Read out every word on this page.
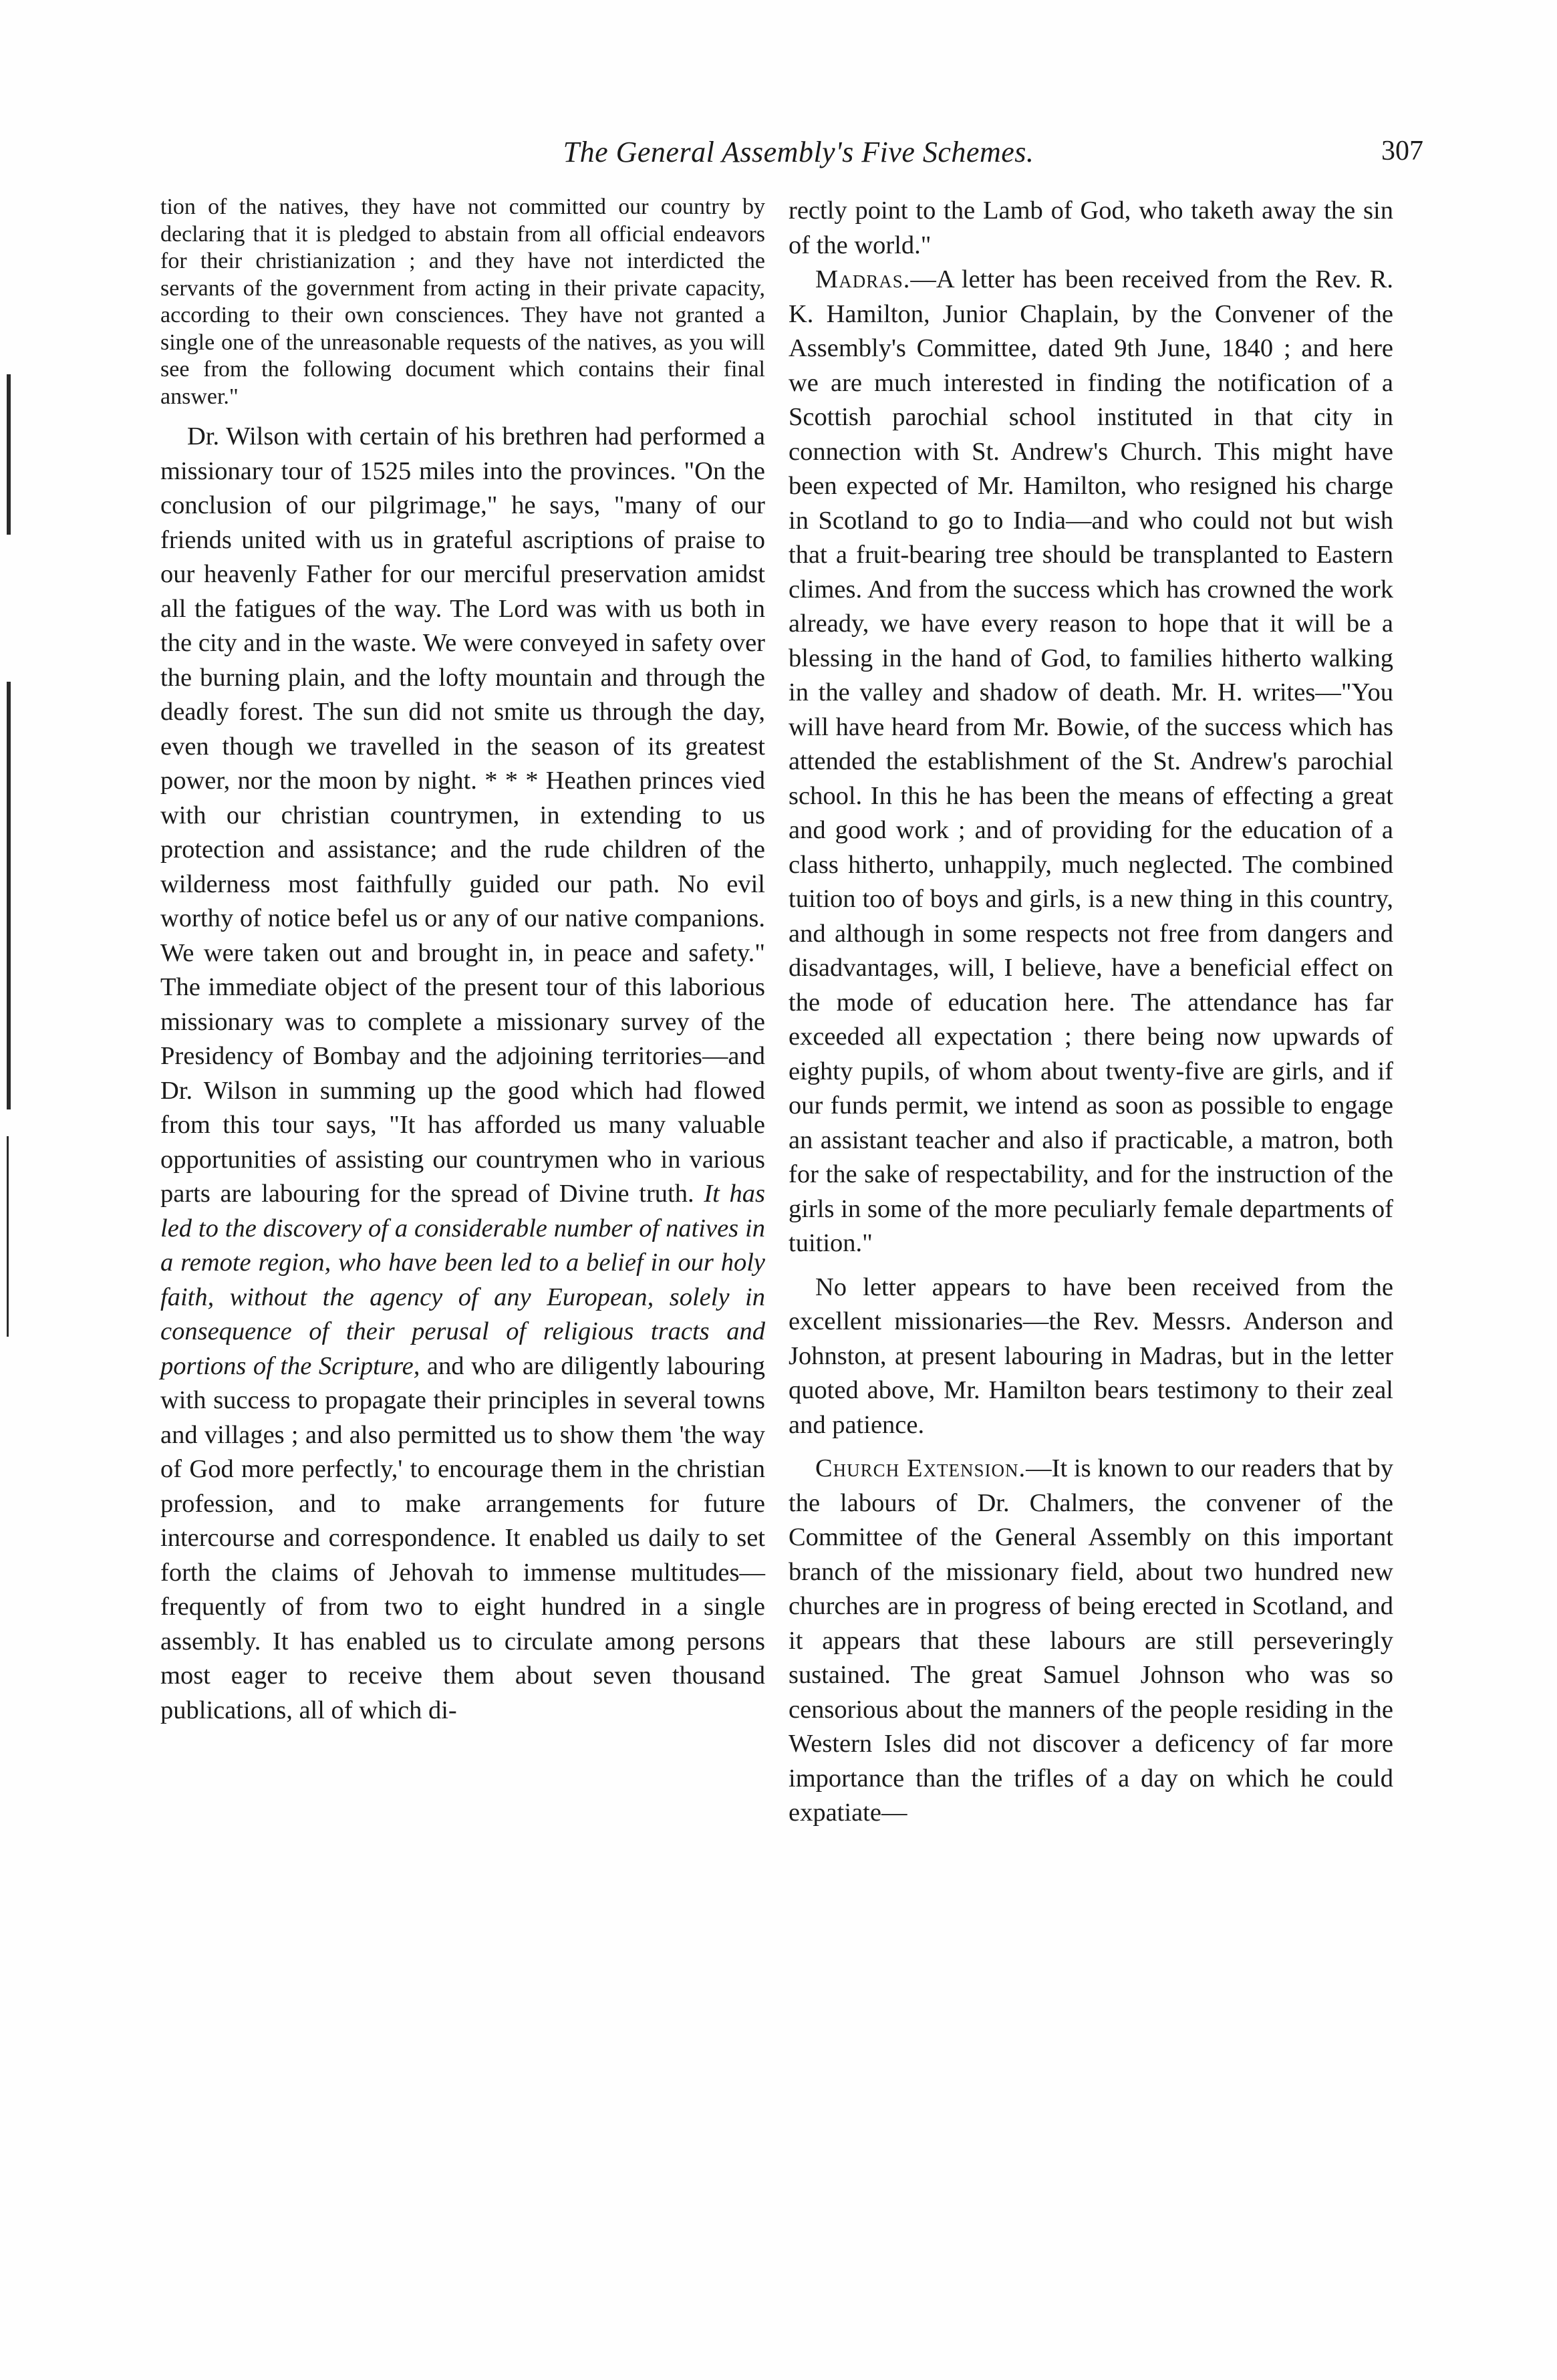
The General Assembly's Five Schemes.	307

tion of the natives, they have not committed our country by declaring that it is pledged to abstain from all official endeavors for their christianization ; and they have not interdicted the servants of the government from acting in their private capacity, according to their own consciences. They have not granted a single one of the unreasonable requests of the natives, as you will see from the following document which contains their final answer."

Dr. Wilson with certain of his brethren had performed a missionary tour of 1525 miles into the provinces. "On the conclusion of our pilgrimage," he says, "many of our friends united with us in grateful ascriptions of praise to our heavenly Father for our merciful preservation amidst all the fatigues of the way. The Lord was with us both in the city and in the waste. We were conveyed in safety over the burning plain, and the lofty mountain and through the deadly forest. The sun did not smite us through the day, even though we travelled in the season of its greatest power, nor the moon by night. * * * Heathen princes vied with our christian countrymen, in extending to us protection and assistance; and the rude children of the wilderness most faithfully guided our path. No evil worthy of notice befel us or any of our native companions. We were taken out and brought in, in peace and safety." The immediate object of the present tour of this laborious missionary was to complete a missionary survey of the Presidency of Bombay and the adjoining territories—and Dr. Wilson in summing up the good which had flowed from this tour says, "It has afforded us many valuable opportunities of assisting our countrymen who in various parts are labouring for the spread of Divine truth. It has led to the discovery of a considerable number of natives in a remote region, who have been led to a belief in our holy faith, without the agency of any European, solely in consequence of their perusal of religious tracts and portions of the Scripture, and who are diligently labouring with success to propagate their principles in several towns and villages ; and also permitted us to show them 'the way of God more perfectly,' to encourage them in the christian profession, and to make arrangements for future intercourse and correspondence. It enabled us daily to set forth the claims of Jehovah to immense multitudes—frequently of from two to eight hundred in a single assembly. It has enabled us to circulate among persons most eager to receive them about seven thousand publications, all of which di-

rectly point to the Lamb of God, who taketh away the sin of the world."

Madras.—A letter has been received from the Rev. R. K. Hamilton, Junior Chaplain, by the Convener of the Assembly's Committee, dated 9th June, 1840 ; and here we are much interested in finding the notification of a Scottish parochial school instituted in that city in connection with St. Andrew's Church. This might have been expected of Mr. Hamilton, who resigned his charge in Scotland to go to India—and who could not but wish that a fruit-bearing tree should be transplanted to Eastern climes. And from the success which has crowned the work already, we have every reason to hope that it will be a blessing in the hand of God, to families hitherto walking in the valley and shadow of death. Mr. H. writes—"You will have heard from Mr. Bowie, of the success which has attended the establishment of the St. Andrew's parochial school. In this he has been the means of effecting a great and good work ; and of providing for the education of a class hitherto, unhappily, much neglected. The combined tuition too of boys and girls, is a new thing in this country, and although in some respects not free from dangers and disadvantages, will, I believe, have a beneficial effect on the mode of education here. The attendance has far exceeded all expectation ; there being now upwards of eighty pupils, of whom about twenty-five are girls, and if our funds permit, we intend as soon as possible to engage an assistant teacher and also if practicable, a matron, both for the sake of respectability, and for the instruction of the girls in some of the more peculiarly female departments of tuition."

No letter appears to have been received from the excellent missionaries—the Rev. Messrs. Anderson and Johnston, at present labouring in Madras, but in the letter quoted above, Mr. Hamilton bears testimony to their zeal and patience.

Church Extension.—It is known to our readers that by the labours of Dr. Chalmers, the convener of the Committee of the General Assembly on this important branch of the missionary field, about two hundred new churches are in progress of being erected in Scotland, and it appears that these labours are still perseveringly sustained. The great Samuel Johnson who was so censorious about the manners of the people residing in the Western Isles did not discover a deficency of far more importance than the trifles of a day on which he could expatiate—
